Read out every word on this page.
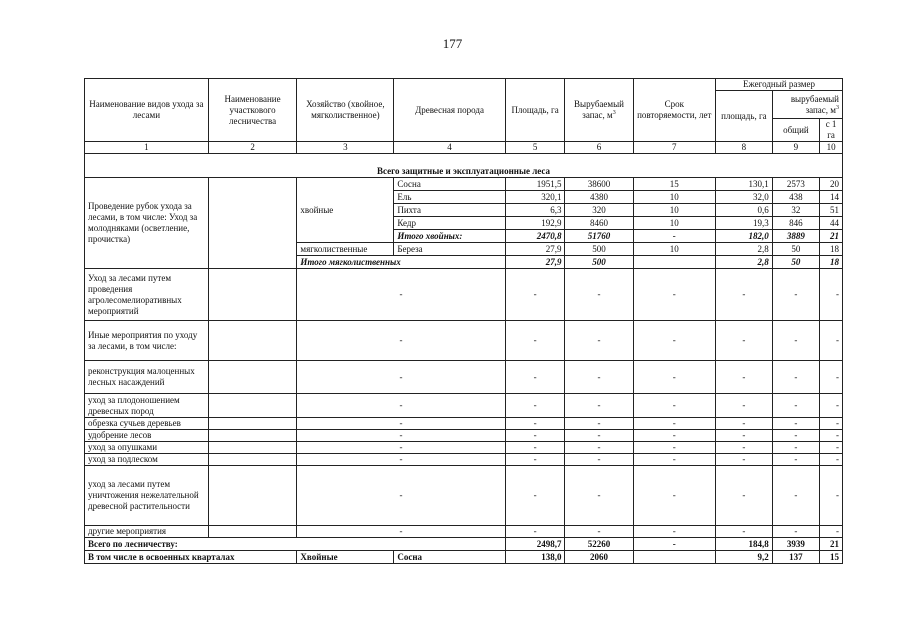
177
Наименование видов ухода за лесами	Наименование участкового лесничества	Хозяйство (хвойное, мягколиственное)	Древесная порода	Площадь, га	Вырубаемый запас, $м^3$	Срок повторяемости, лет	Ежегодный размер		
							площадь, га	вырубаемый запас, $м^3$
								общий	с 1 га
1	2	3	4	5	6	7	8	9	10
Всего защитные и эксплуатационные леса									
Проведение рубок ухода за лесами, в том числе: Уход за молодняками (осветление, прочистка)		хвойные	Сосна	1951,5	38600	15	130,1	2573	20
			Ель	320,1	4380	10	32,0	438	14
			Пихта	6,3	320	10	0,6	32	51
			Кедр	192,9	8460	10	19,3	846	44
			Итого хвойных:	2470,8	51760	-	182,0	3889	21
		мягколиственные	Береза	27,9	500	10	2,8	50	18
		Итого мягколиственных		27,9	500		2,8	50	18
Уход за лесами путем проведения агролесомелиоративных мероприятий		-		-	-	-	-	-	-
Иные мероприятия по уходу за лесами, в том числе:		-		-	-	-	-	-	-
реконструкция малоценных лесных насаждений		-		-	-	-	-	-	-
уход за плодоношением древесных пород		-		-	-	-	-	-	-
обрезка сучьев деревьев		-		-	-	-	-	-	-
удобрение лесов		-		-	-	-	-	-	-
уход за опушками		-		-	-	-	-	-	-
уход за подлеском		-		-	-	-	-	-	-
уход за лесами путем уничтожения нежелательной древесной растительности		-		-	-	-	-	-	-
другие мероприятия		-		-	-	-	-	-	-
Всего по лесничеству:				2498,7	52260	-	184,8	3939	21
В том числе в освоенных кварталах		Хвойные	Сосна	138,0	2060		9,2	137	15
